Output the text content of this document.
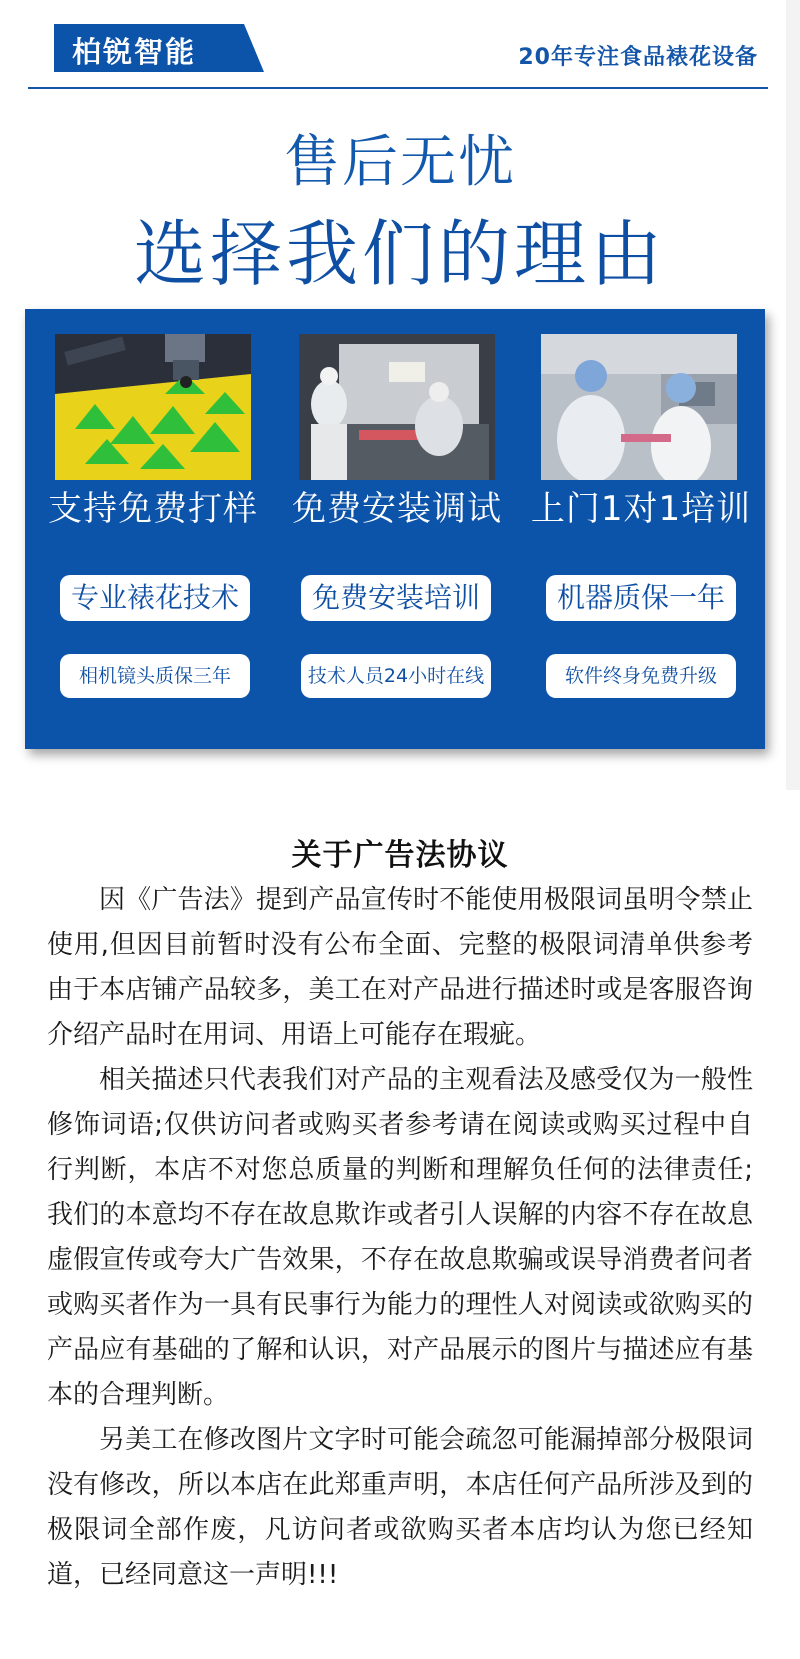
柏锐智能	20年专注食品裱花设备
售后无忧
选择我们的理由
支持免费打样	免费安装调试 上门1对1培训
专业裱花技术	免费安装培训	机器质保一年
相机镜头质保三年	技术人员24小时在线	软件终身免费升级
关于广告法协议

因《广告法》提到产品宣传时不能使用极限词虽明令禁止使用,但因目前暂时没有公布全面、完整的极限词清单供参考由于本店铺产品较多，美工在对产品进行描述时或是客服咨询介绍产品时在用词、用语上可能存在瑕疵。

相关描述只代表我们对产品的主观看法及感受仅为一般性修饰词语;仅供访问者或购买者参考请在阅读或购买过程中自行判断，本店不对您总质量的判断和理解负任何的法律责任;我们的本意均不存在故息欺诈或者引人误解的内容不存在故息虚假宣传或夸大广告效果，不存在故息欺骗或误导消费者问者或购买者作为一具有民事行为能力的理性人对阅读或欲购买的产品应有基础的了解和认识，对产品展示的图片与描述应有基本的合理判断。

另美工在修改图片文字时可能会疏忽可能漏掉部分极限词没有修改，所以本店在此郑重声明，本店任何产品所涉及到的极限词全部作废，凡访问者或欲购买者本店均认为您已经知道，已经同意这一声明!!!
